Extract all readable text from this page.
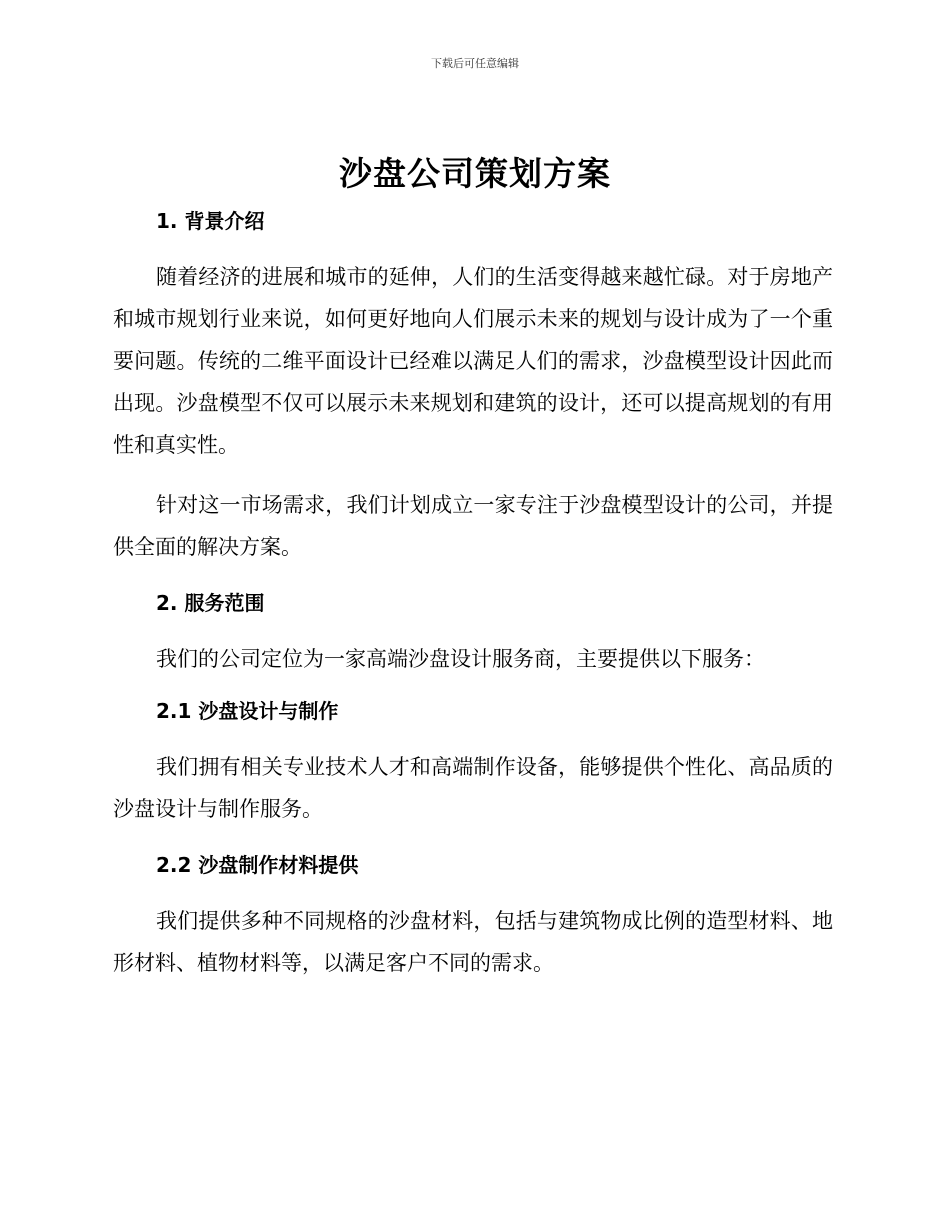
下载后可任意编辑
沙盘公司策划方案
1. 背景介绍

随着经济的进展和城市的延伸，人们的生活变得越来越忙碌。对于房地产和城市规划行业来说，如何更好地向人们展示未来的规划与设计成为了一个重要问题。传统的二维平面设计已经难以满足人们的需求，沙盘模型设计因此而出现。沙盘模型不仅可以展示未来规划和建筑的设计，还可以提高规划的有用性和真实性。

针对这一市场需求，我们计划成立一家专注于沙盘模型设计的公司，并提供全面的解决方案。

2. 服务范围

我们的公司定位为一家高端沙盘设计服务商，主要提供以下服务：

2.1 沙盘设计与制作

我们拥有相关专业技术人才和高端制作设备，能够提供个性化、高品质的沙盘设计与制作服务。

2.2 沙盘制作材料提供

我们提供多种不同规格的沙盘材料，包括与建筑物成比例的造型材料、地形材料、植物材料等，以满足客户不同的需求。
